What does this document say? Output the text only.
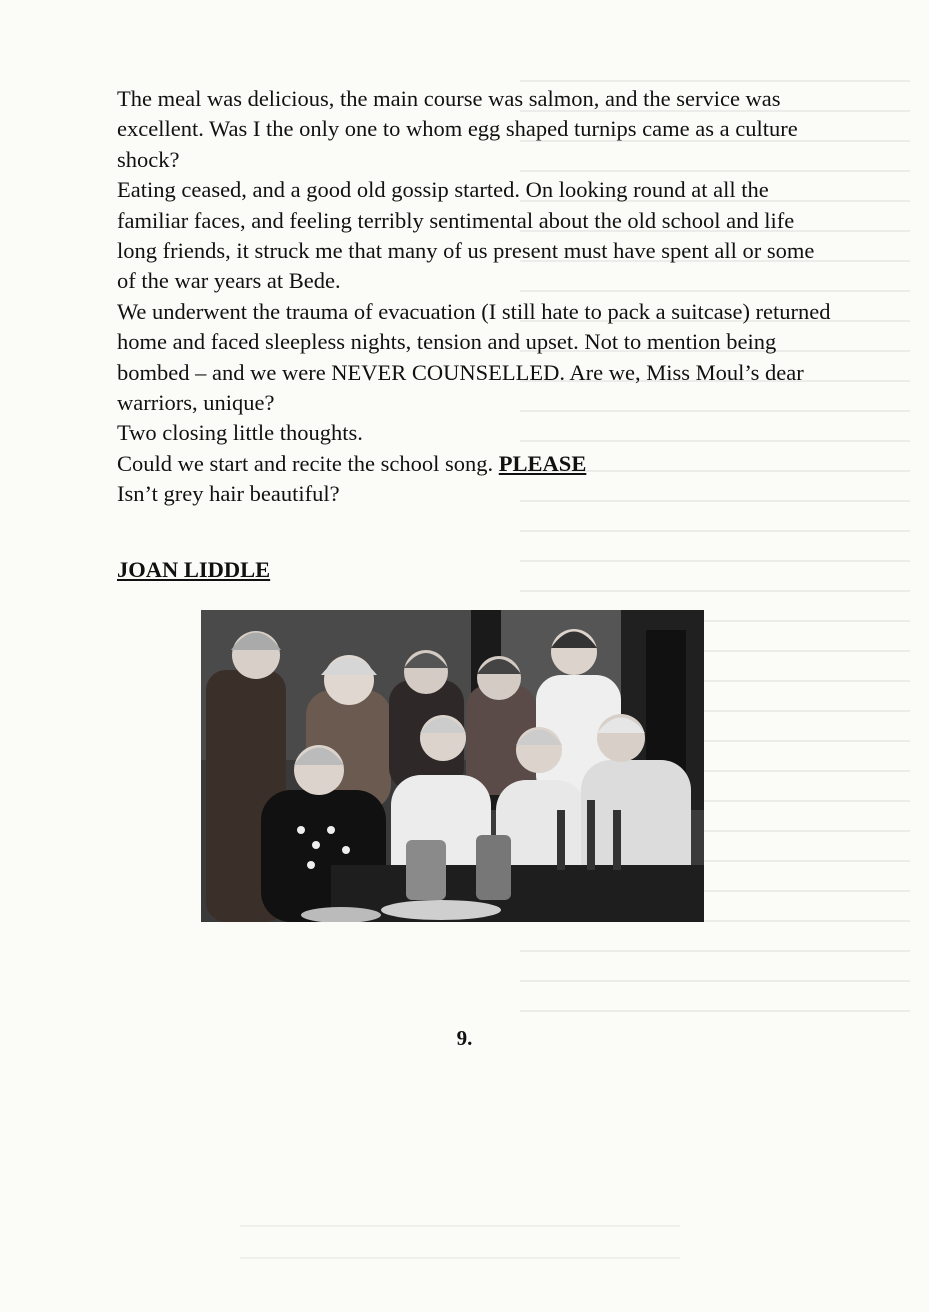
The meal was delicious, the main course was salmon, and the service was excellent. Was I the only one to whom egg shaped turnips came as a culture shock?

Eating ceased, and a good old gossip started. On looking round at all the familiar faces, and feeling terribly sentimental about the old school and life long friends, it struck me that many of us present must have spent all or some of the war years at Bede.

We underwent the trauma of evacuation (I still hate to pack a suitcase) returned home and faced sleepless nights, tension and upset. Not to mention being bombed – and we were NEVER COUNSELLED. Are we, Miss Moul’s dear warriors, unique?

Two closing little thoughts.

Could we start and recite the school song. PLEASE

Isn’t grey hair beautiful?

JOAN LIDDLE
9.
